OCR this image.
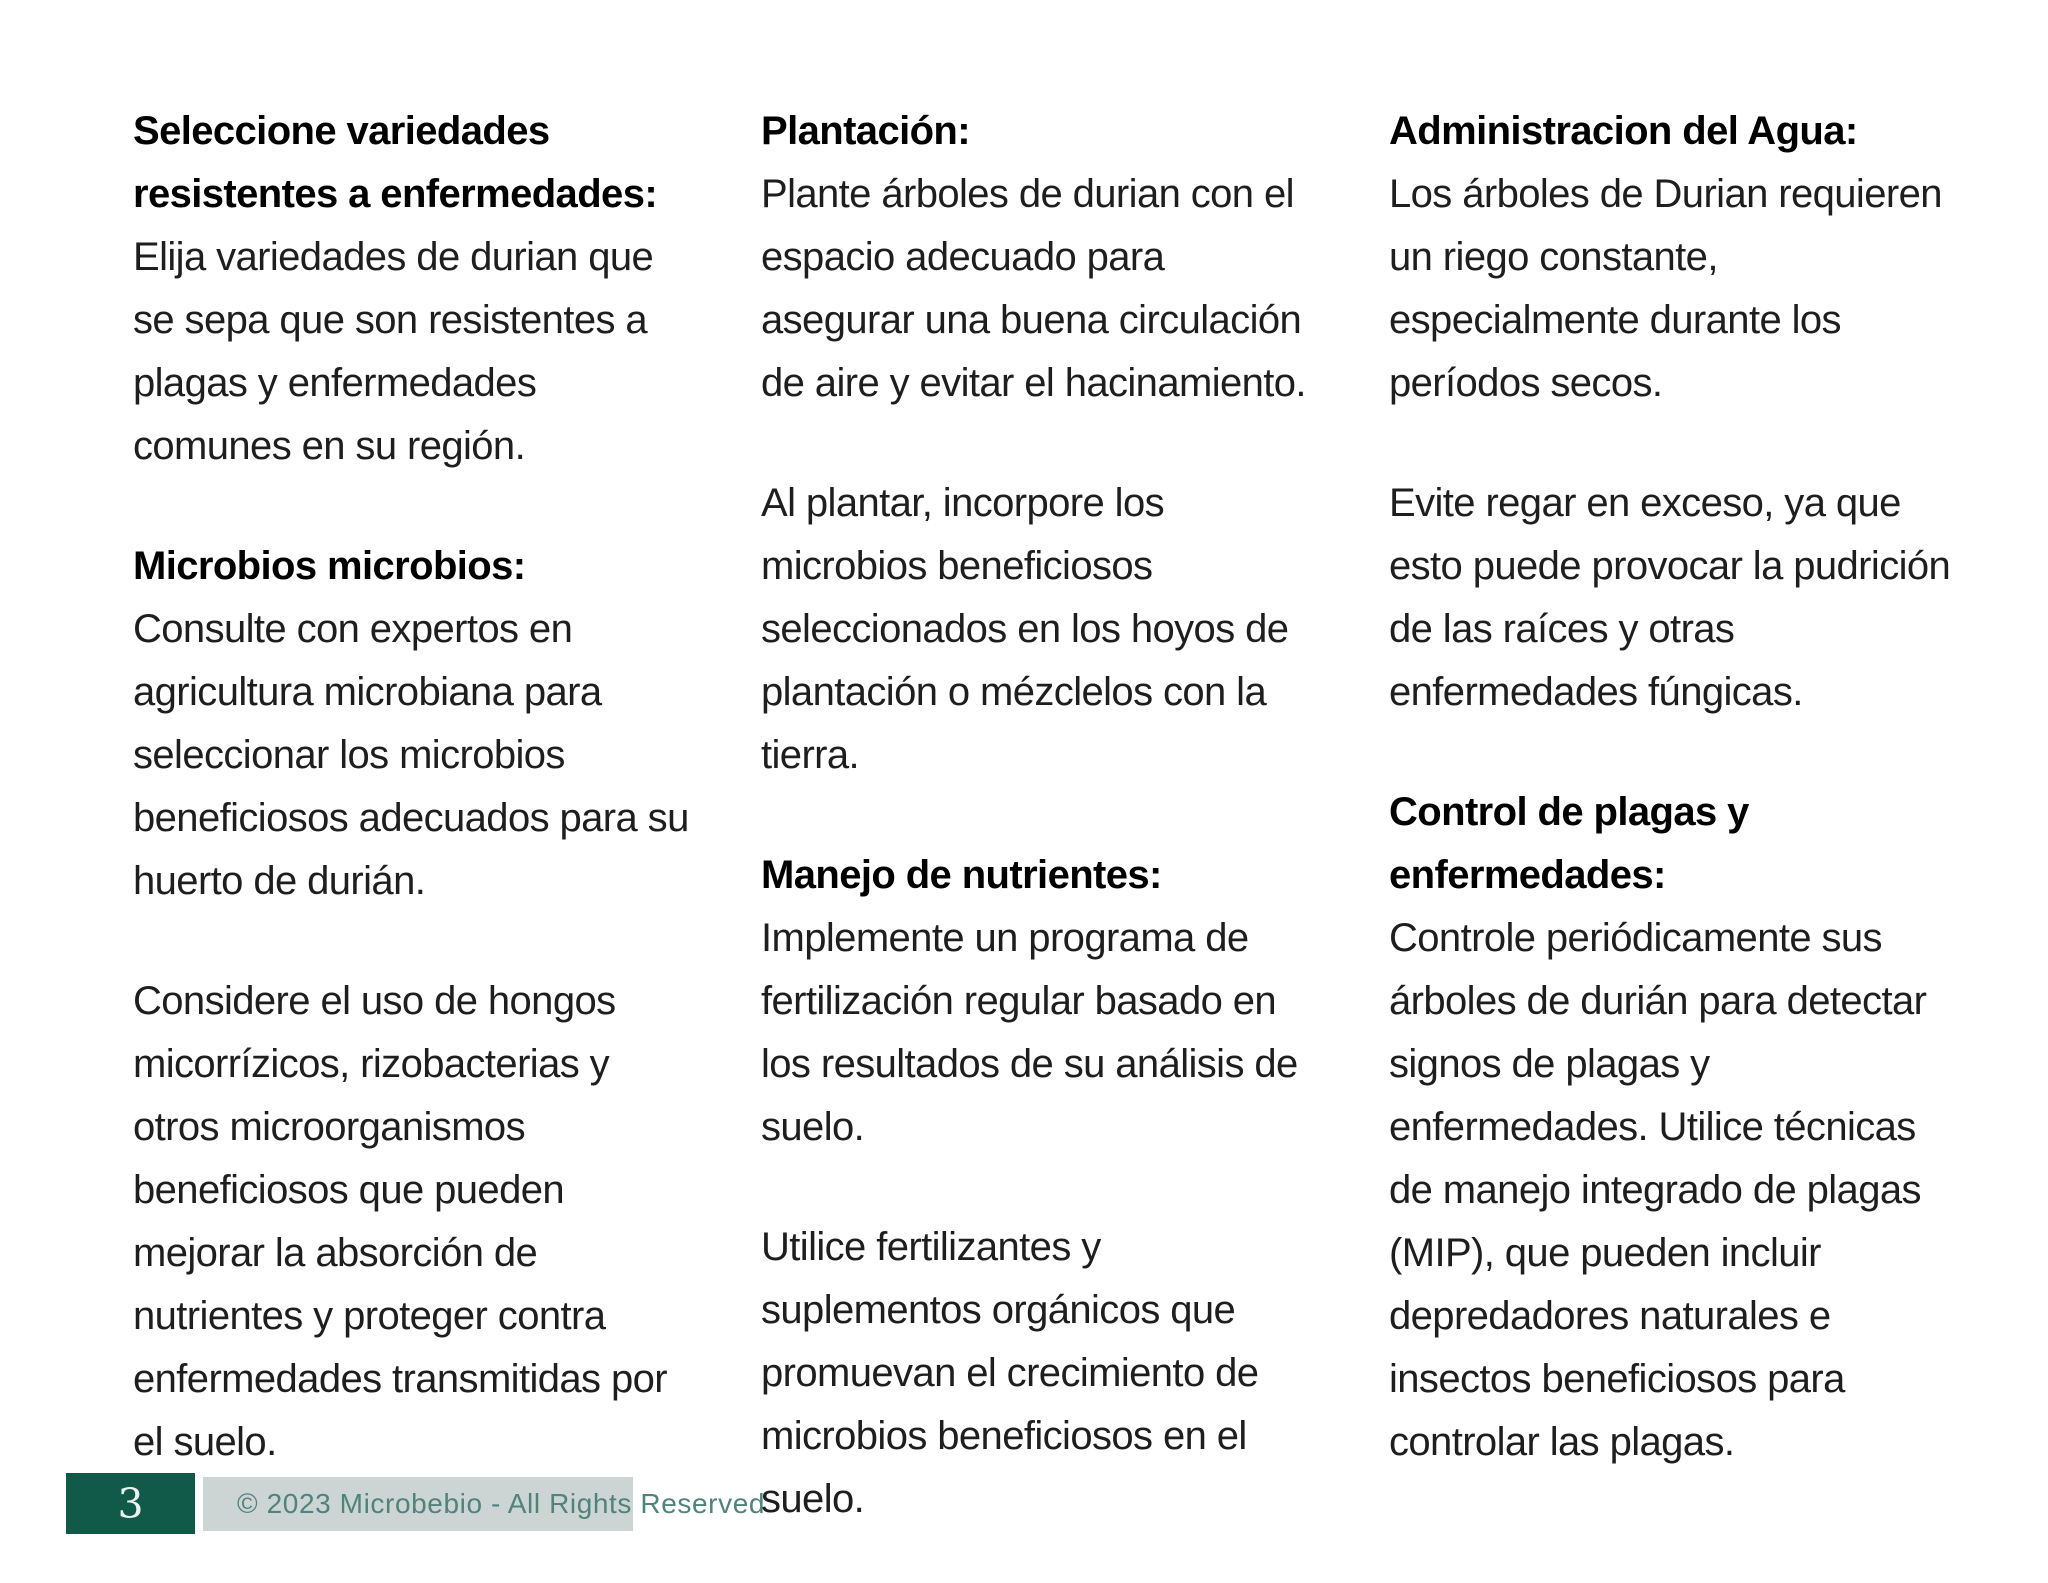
Seleccione variedades resistentes a enfermedades:

Elija variedades de durian que se sepa que son resistentes a plagas y enfermedades comunes en su región.

Microbios microbios:

Consulte con expertos en agricultura microbiana para seleccionar los microbios beneficiosos adecuados para su huerto de durián.

Considere el uso de hongos micorrízicos, rizobacterias y otros microorganismos beneficiosos que pueden mejorar la absorción de nutrientes y proteger contra enfermedades transmitidas por el suelo.

Plantación:

Plante árboles de durian con el espacio adecuado para asegurar una buena circulación de aire y evitar el hacinamiento.

Al plantar, incorpore los microbios beneficiosos seleccionados en los hoyos de plantación o mézclelos con la tierra.

Manejo de nutrientes:

Implemente un programa de fertilización regular basado en los resultados de su análisis de suelo.

Utilice fertilizantes y suplementos orgánicos que promuevan el crecimiento de microbios beneficiosos en el suelo.

Administracion del Agua:

Los árboles de Durian requieren un riego constante, especialmente durante los períodos secos.

Evite regar en exceso, ya que esto puede provocar la pudrición de las raíces y otras enfermedades fúngicas.

Control de plagas y enfermedades:

Controle periódicamente sus árboles de durián para detectar signos de plagas y enfermedades. Utilice técnicas de manejo integrado de plagas (MIP), que pueden incluir depredadores naturales e insectos beneficiosos para controlar las plagas.

3	© 2023 Microbebio - All Rights Reserved
